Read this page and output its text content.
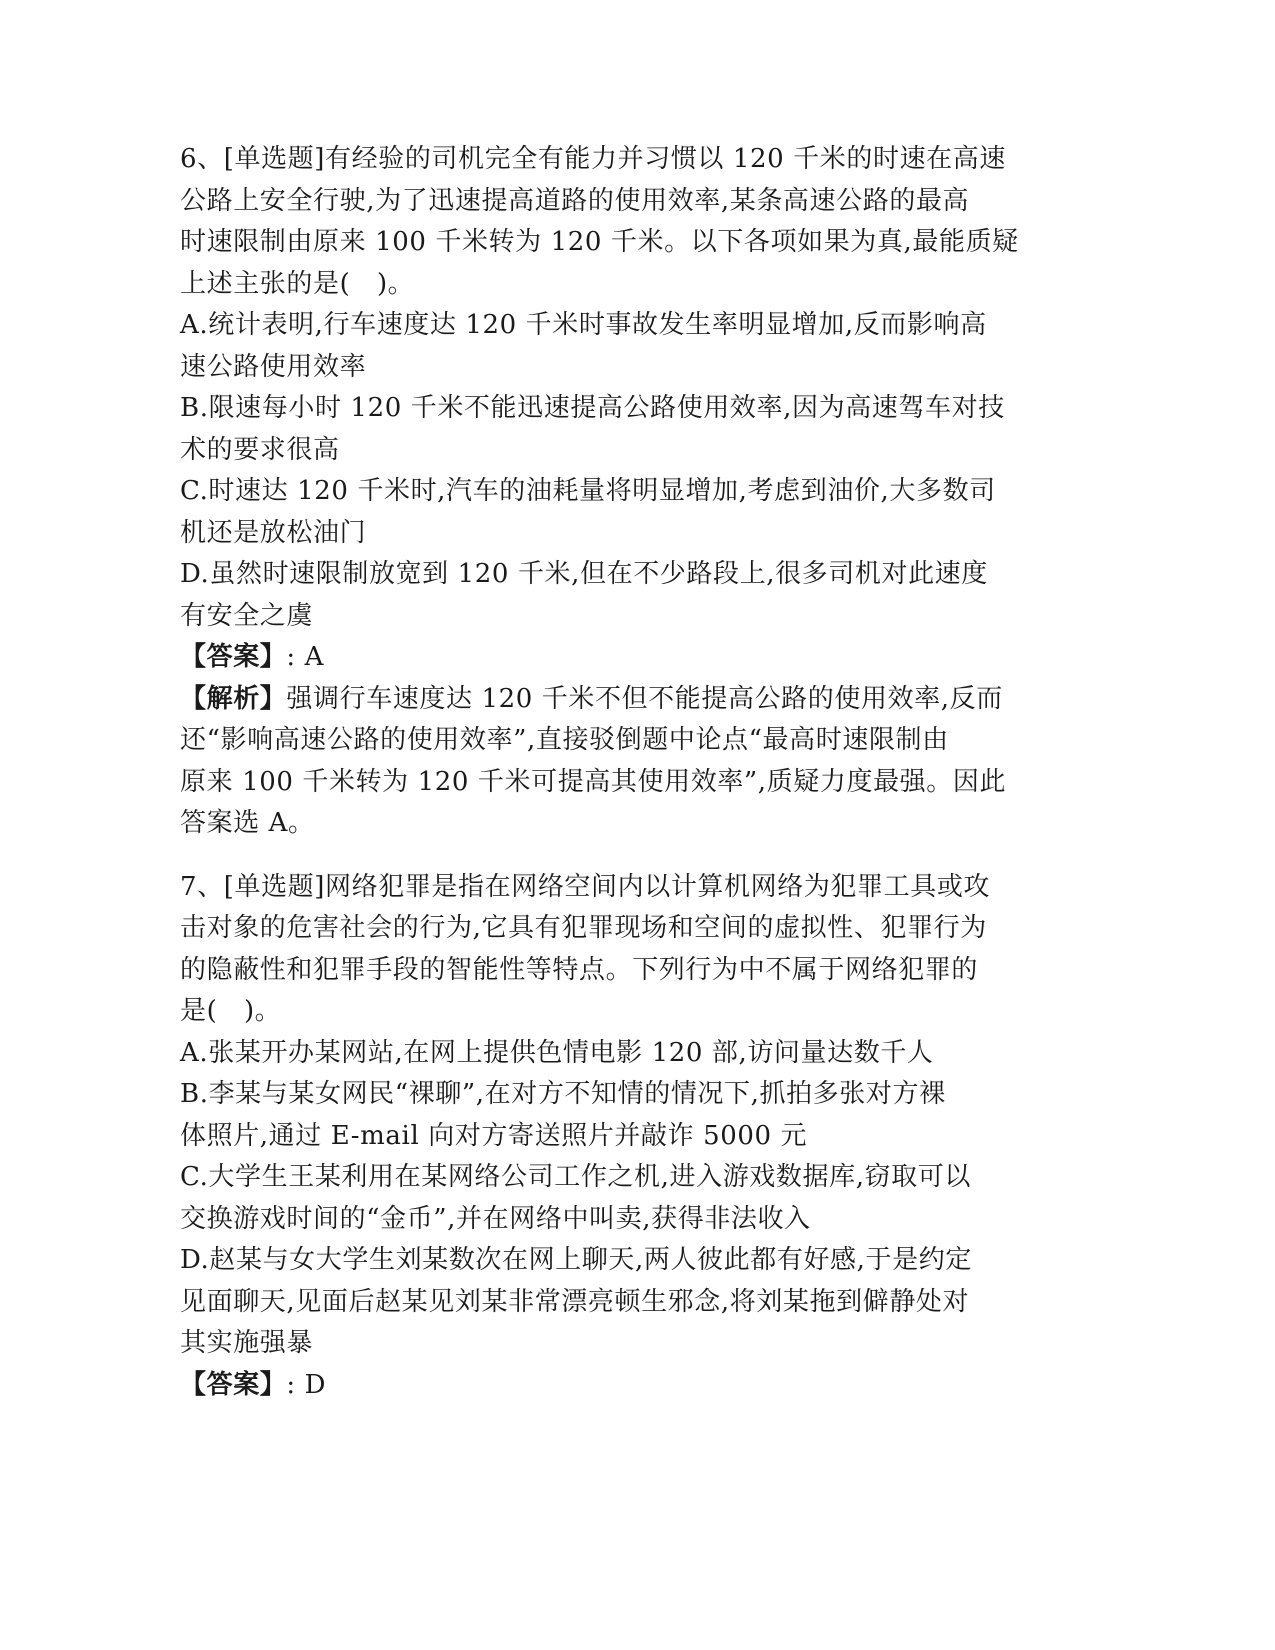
6、[单选题]有经验的司机完全有能力并习惯以 120 千米的时速在高速
公路上安全行驶,为了迅速提高道路的使用效率,某条高速公路的最高
时速限制由原来 100 千米转为 120 千米。以下各项如果为真,最能质疑
上述主张的是(　)。
A.统计表明,行车速度达 120 千米时事故发生率明显增加,反而影响高
速公路使用效率
B.限速每小时 120 千米不能迅速提高公路使用效率,因为高速驾车对技
术的要求很高
C.时速达 120 千米时,汽车的油耗量将明显增加,考虑到油价,大多数司
机还是放松油门
D.虽然时速限制放宽到 120 千米,但在不少路段上,很多司机对此速度
有安全之虞
【答案】: A
【解析】强调行车速度达 120 千米不但不能提高公路的使用效率,反而
还“影响高速公路的使用效率”,直接驳倒题中论点“最高时速限制由
原来 100 千米转为 120 千米可提高其使用效率”,质疑力度最强。因此
答案选 A。
7、[单选题]网络犯罪是指在网络空间内以计算机网络为犯罪工具或攻
击对象的危害社会的行为,它具有犯罪现场和空间的虚拟性、犯罪行为
的隐蔽性和犯罪手段的智能性等特点。下列行为中不属于网络犯罪的
是(　)。
A.张某开办某网站,在网上提供色情电影 120 部,访问量达数千人
B.李某与某女网民“裸聊”,在对方不知情的情况下,抓拍多张对方裸
体照片,通过 E-mail 向对方寄送照片并敲诈 5000 元
C.大学生王某利用在某网络公司工作之机,进入游戏数据库,窃取可以
交换游戏时间的“金币”,并在网络中叫卖,获得非法收入
D.赵某与女大学生刘某数次在网上聊天,两人彼此都有好感,于是约定
见面聊天,见面后赵某见刘某非常漂亮顿生邪念,将刘某拖到僻静处对
其实施强暴
【答案】: D
